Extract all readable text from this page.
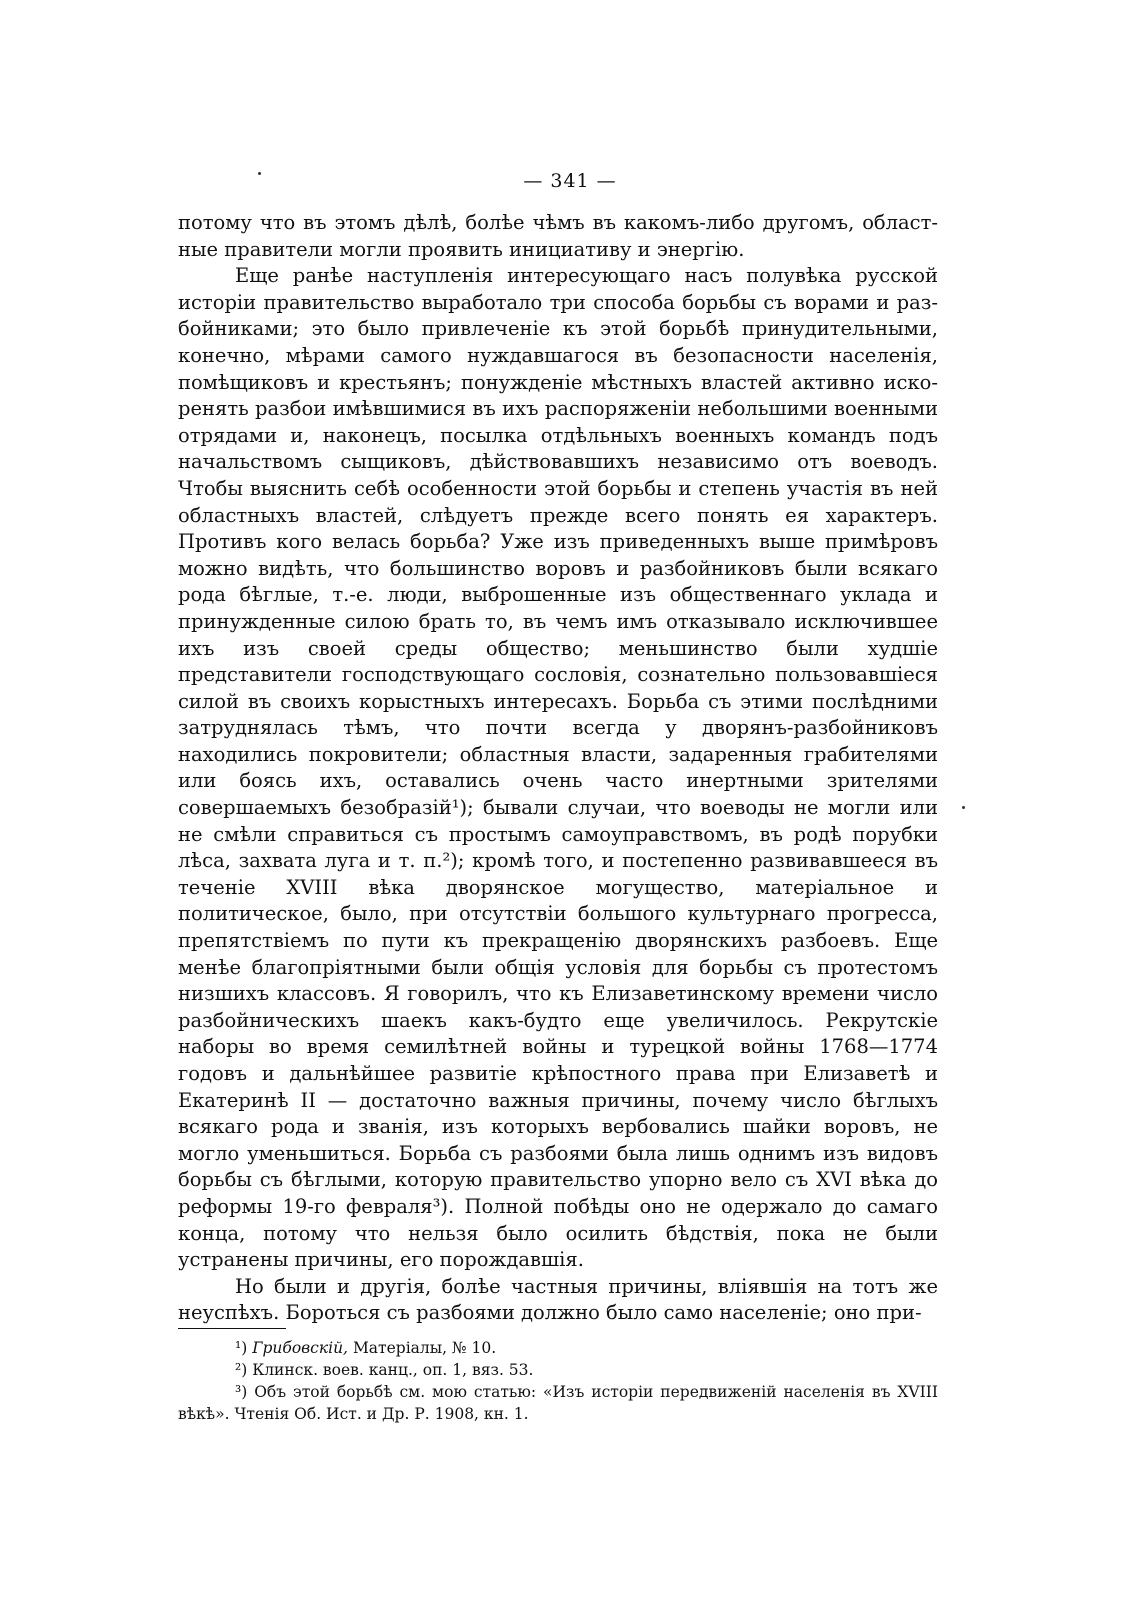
— 341 —

потому что въ этомъ дѣлѣ, болѣе чѣмъ въ какомъ-либо другомъ, областные правители могли проявить инициативу и энергію.

Еще ранѣе наступленія интересующаго насъ полувѣка русской исторіи правительство выработало три способа борьбы съ ворами и разбойниками; это было привлеченіе къ этой борьбѣ принудительными, конечно, мѣрами самого нуждавшагося въ безопасности населенія, помѣщиковъ и крестьянъ; понужденіе мѣстныхъ властей активно искоренять разбои имѣвшимися въ ихъ распоряженіи небольшими военными отрядами и, наконецъ, посылка отдѣльныхъ военныхъ командъ подъ начальствомъ сыщиковъ, дѣйствовавшихъ независимо отъ воеводъ. Чтобы выяснить себѣ особенности этой борьбы и степень участія въ ней областныхъ властей, слѣдуетъ прежде всего понять ея характеръ. Противъ кого велась борьба? Уже изъ приведенныхъ выше примѣровъ можно видѣть, что большинство воровъ и разбойниковъ были всякаго рода бѣглые, т.-е. люди, выброшенные изъ общественнаго уклада и принужденные силою брать то, въ чемъ имъ отказывало исключившее ихъ изъ своей среды общество; меньшинство были худшіе представители господствующаго сословія, сознательно пользовавшіеся силой въ своихъ корыстныхъ интересахъ. Борьба съ этими послѣдними затруднялась тѣмъ, что почти всегда у дворянъ-разбойниковъ находились покровители; областныя власти, задаренныя грабителями или боясь ихъ, оставались очень часто инертными зрителями совершаемыхъ безобразій¹); бывали случаи, что воеводы не могли или не смѣли справиться съ простымъ самоуправствомъ, въ родѣ порубки лѣса, захвата луга и т. п.²); кромѣ того, и постепенно развивавшееся въ теченіе XVIII вѣка дворянское могущество, матеріальное и политическое, было, при отсутствіи большого культурнаго прогресса, препятствіемъ по пути къ прекращенію дворянскихъ разбоевъ. Еще менѣе благопріятными были общія условія для борьбы съ протестомъ низшихъ классовъ. Я говорилъ, что къ Елизаветинскому времени число разбойническихъ шаекъ какъ-будто еще увеличилось. Рекрутскіе наборы во время семилѣтней войны и турецкой войны 1768—1774 годовъ и дальнѣйшее развитіе крѣпостного права при Елизаветѣ и Екатеринѣ II — достаточно важныя причины, почему число бѣглыхъ всякаго рода и званія, изъ которыхъ вербовались шайки воровъ, не могло уменьшиться. Борьба съ разбоями была лишь однимъ изъ видовъ борьбы съ бѣглыми, которую правительство упорно вело съ XVI вѣка до реформы 19-го февраля³). Полной побѣды оно не одержало до самаго конца, потому что нельзя было осилить бѣдствія, пока не были устранены причины, его порождавшія.

Но были и другія, болѣе частныя причины, вліявшія на тотъ же неуспѣхъ. Бороться съ разбоями должно было само населеніе; оно при-

¹) Грибовскій, Матеріалы, № 10.

²) Клинск. воев. канц., оп. 1, вяз. 53.

³) Объ этой борьбѣ см. мою статью: «Изъ исторіи передвиженій населенія въ XVIII вѣкѣ». Чтенія Об. Ист. и Др. Р. 1908, кн. 1.
